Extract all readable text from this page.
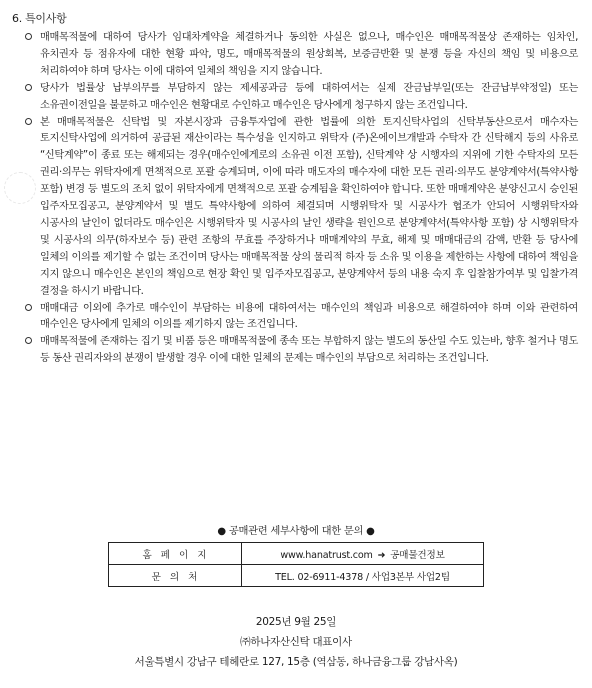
6. 특이사항
매매목적물에 대하여 당사가 임대차계약을 체결하거나 동의한 사실은 없으나, 매수인은 매매목적물상 존재하는 임차인, 유치권자 등 점유자에 대한 현황 파악, 명도, 매매목적물의 원상회복, 보증금반환 및 분쟁 등을 자신의 책임 및 비용으로 처리하여야 하며 당사는 이에 대하여 일체의 책임을 지지 않습니다.
당사가 법률상 납부의무를 부담하지 않는 제세공과금 등에 대하여서는 실제 잔금납부일(또는 잔금납부약정일) 또는 소유권이전일을 불문하고 매수인은 현황대로 수인하고 매수인은 당사에게 청구하지 않는 조건입니다.
본 매매목적물은 신탁법 및 자본시장과 금융투자업에 관한 법률에 의한 토지신탁사업의 신탁부동산으로서 매수자는 토지신탁사업에 의거하여 공급된 재산이라는 특수성을 인지하고 위탁자 (주)온에이브개발과 수탁자 간 신탁해지 등의 사유로 “신탁계약”이 종료 또는 해제되는 경우(매수인에게로의 소유권 이전 포함), 신탁계약 상 시행자의 지위에 기한 수탁자의 모든 권리·의무는 위탁자에게 면책적으로 포괄 승계되며, 이에 따라 매도자의 매수자에 대한 모든 권리·의무도 분양계약서(특약사항 포함) 변경 등 별도의 조치 없이 위탁자에게 면책적으로 포괄 승계됨을 확인하여야 합니다. 또한 매매계약은 분양신고시 승인된 입주자모집공고, 분양계약서 및 별도 특약사항에 의하여 체결되며 시행위탁자 및 시공사가 협조가 안되어 시행위탁자와 시공사의 날인이 없더라도 매수인은 시행위탁자 및 시공사의 날인 생략을 원인으로 분양계약서(특약사항 포함) 상 시행위탁자 및 시공사의 의무(하자보수 등) 관련 조항의 무효를 주장하거나 매매계약의 무효, 해제 및 매매대금의 감액, 반환 등 당사에 일체의 이의를 제기할 수 없는 조건이며 당사는 매매목적물 상의 물리적 하자 등 소유 및 이용을 제한하는 사항에 대하여 책임을 지지 않으니 매수인은 본인의 책임으로 현장 확인 및 입주자모집공고, 분양계약서 등의 내용 숙지 후 입찰참가여부 및 입찰가격 결정을 하시기 바랍니다.
매매대금 이외에 추가로 매수인이 부담하는 비용에 대하여서는 매수인의 책임과 비용으로 해결하여야 하며 이와 관련하여 매수인은 당사에게 일체의 이의를 제기하지 않는 조건입니다.
매매목적물에 존재하는 집기 및 비품 등은 매매목적물에 종속 또는 부합하지 않는 별도의 동산일 수도 있는바, 향후 철거나 명도 등 동산 권리자와의 분쟁이 발생할 경우 이에 대한 일체의 문제는 매수인의 부담으로 처리하는 조건입니다.
● 공매관련 세부사항에 대한 문의 ●
홈페이지	www.hanatrust.com ➜ 공매물건정보
문의처	TEL. 02-6911-4378 / 사업3본부 사업2팀
2025년 9월 25일
㈜하나자산신탁 대표이사
서울특별시 강남구 테헤란로 127, 15층 (역삼동, 하나금융그룹 강남사옥)
